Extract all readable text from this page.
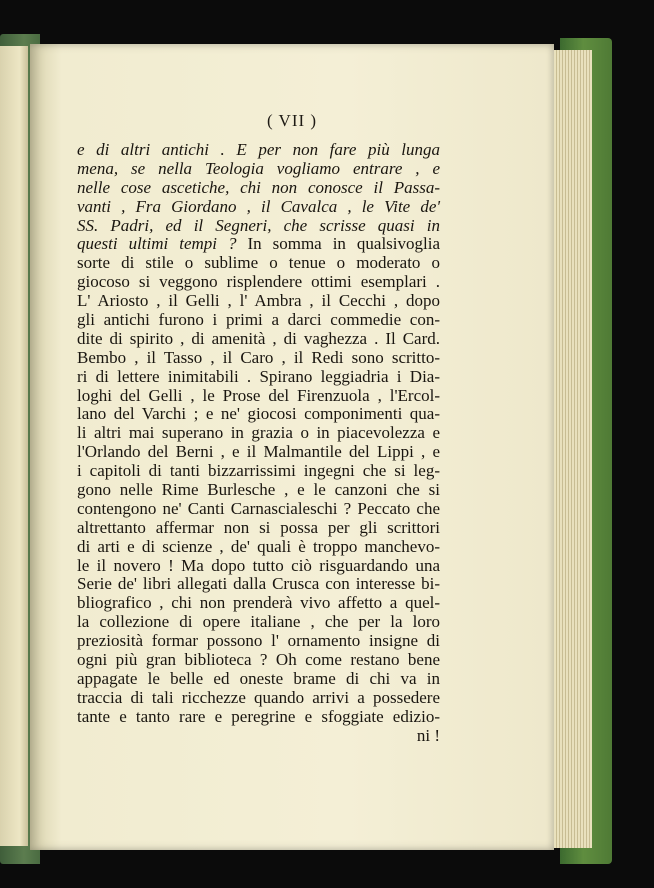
( VII )
e di altri antichi . E per non fare più lunga
mena, se nella Teologia vogliamo entrare , e
nelle cose ascetiche, chi non conosce il Passa-
vanti , Fra Giordano , il Cavalca , le Vite de'
SS. Padri, ed il Segneri, che scrisse quasi in
questi ultimi tempi ? In somma in qualsivoglia
sorte di stile o sublime o tenue o moderato o
giocoso si veggono risplendere ottimi esemplari .
L' Ariosto , il Gelli , l' Ambra , il Cecchi , dopo
gli antichi furono i primi a darci commedie con-
dite di spirito , di amenità , di vaghezza . Il Card.
Bembo , il Tasso , il Caro , il Redi sono scritto-
ri di lettere inimitabili . Spirano leggiadria i Dia-
loghi del Gelli , le Prose del Firenzuola , l'Ercol-
lano del Varchi ; e ne' giocosi componimenti qua-
li altri mai superano in grazia o in piacevolezza e
l'Orlando del Berni , e il Malmantile del Lippi , e
i capitoli di tanti bizzarrissimi ingegni che si leg-
gono nelle Rime Burlesche , e le canzoni che si
contengono ne' Canti Carnascialeschi ? Peccato che
altrettanto affermar non si possa per gli scrittori
di arti e di scienze , de' quali è troppo manchevo-
le il novero ! Ma dopo tutto ciò risguardando una
Serie de' libri allegati dalla Crusca con interesse bi-
bliografico , chi non prenderà vivo affetto a quel-
la collezione di opere italiane , che per la loro
preziosità formar possono l' ornamento insigne di
ogni più gran biblioteca ? Oh come restano bene
appagate le belle ed oneste brame di chi va in
traccia di tali ricchezze quando arrivi a possedere
tante e tanto rare e peregrine e sfoggiate edizio-
ni !
